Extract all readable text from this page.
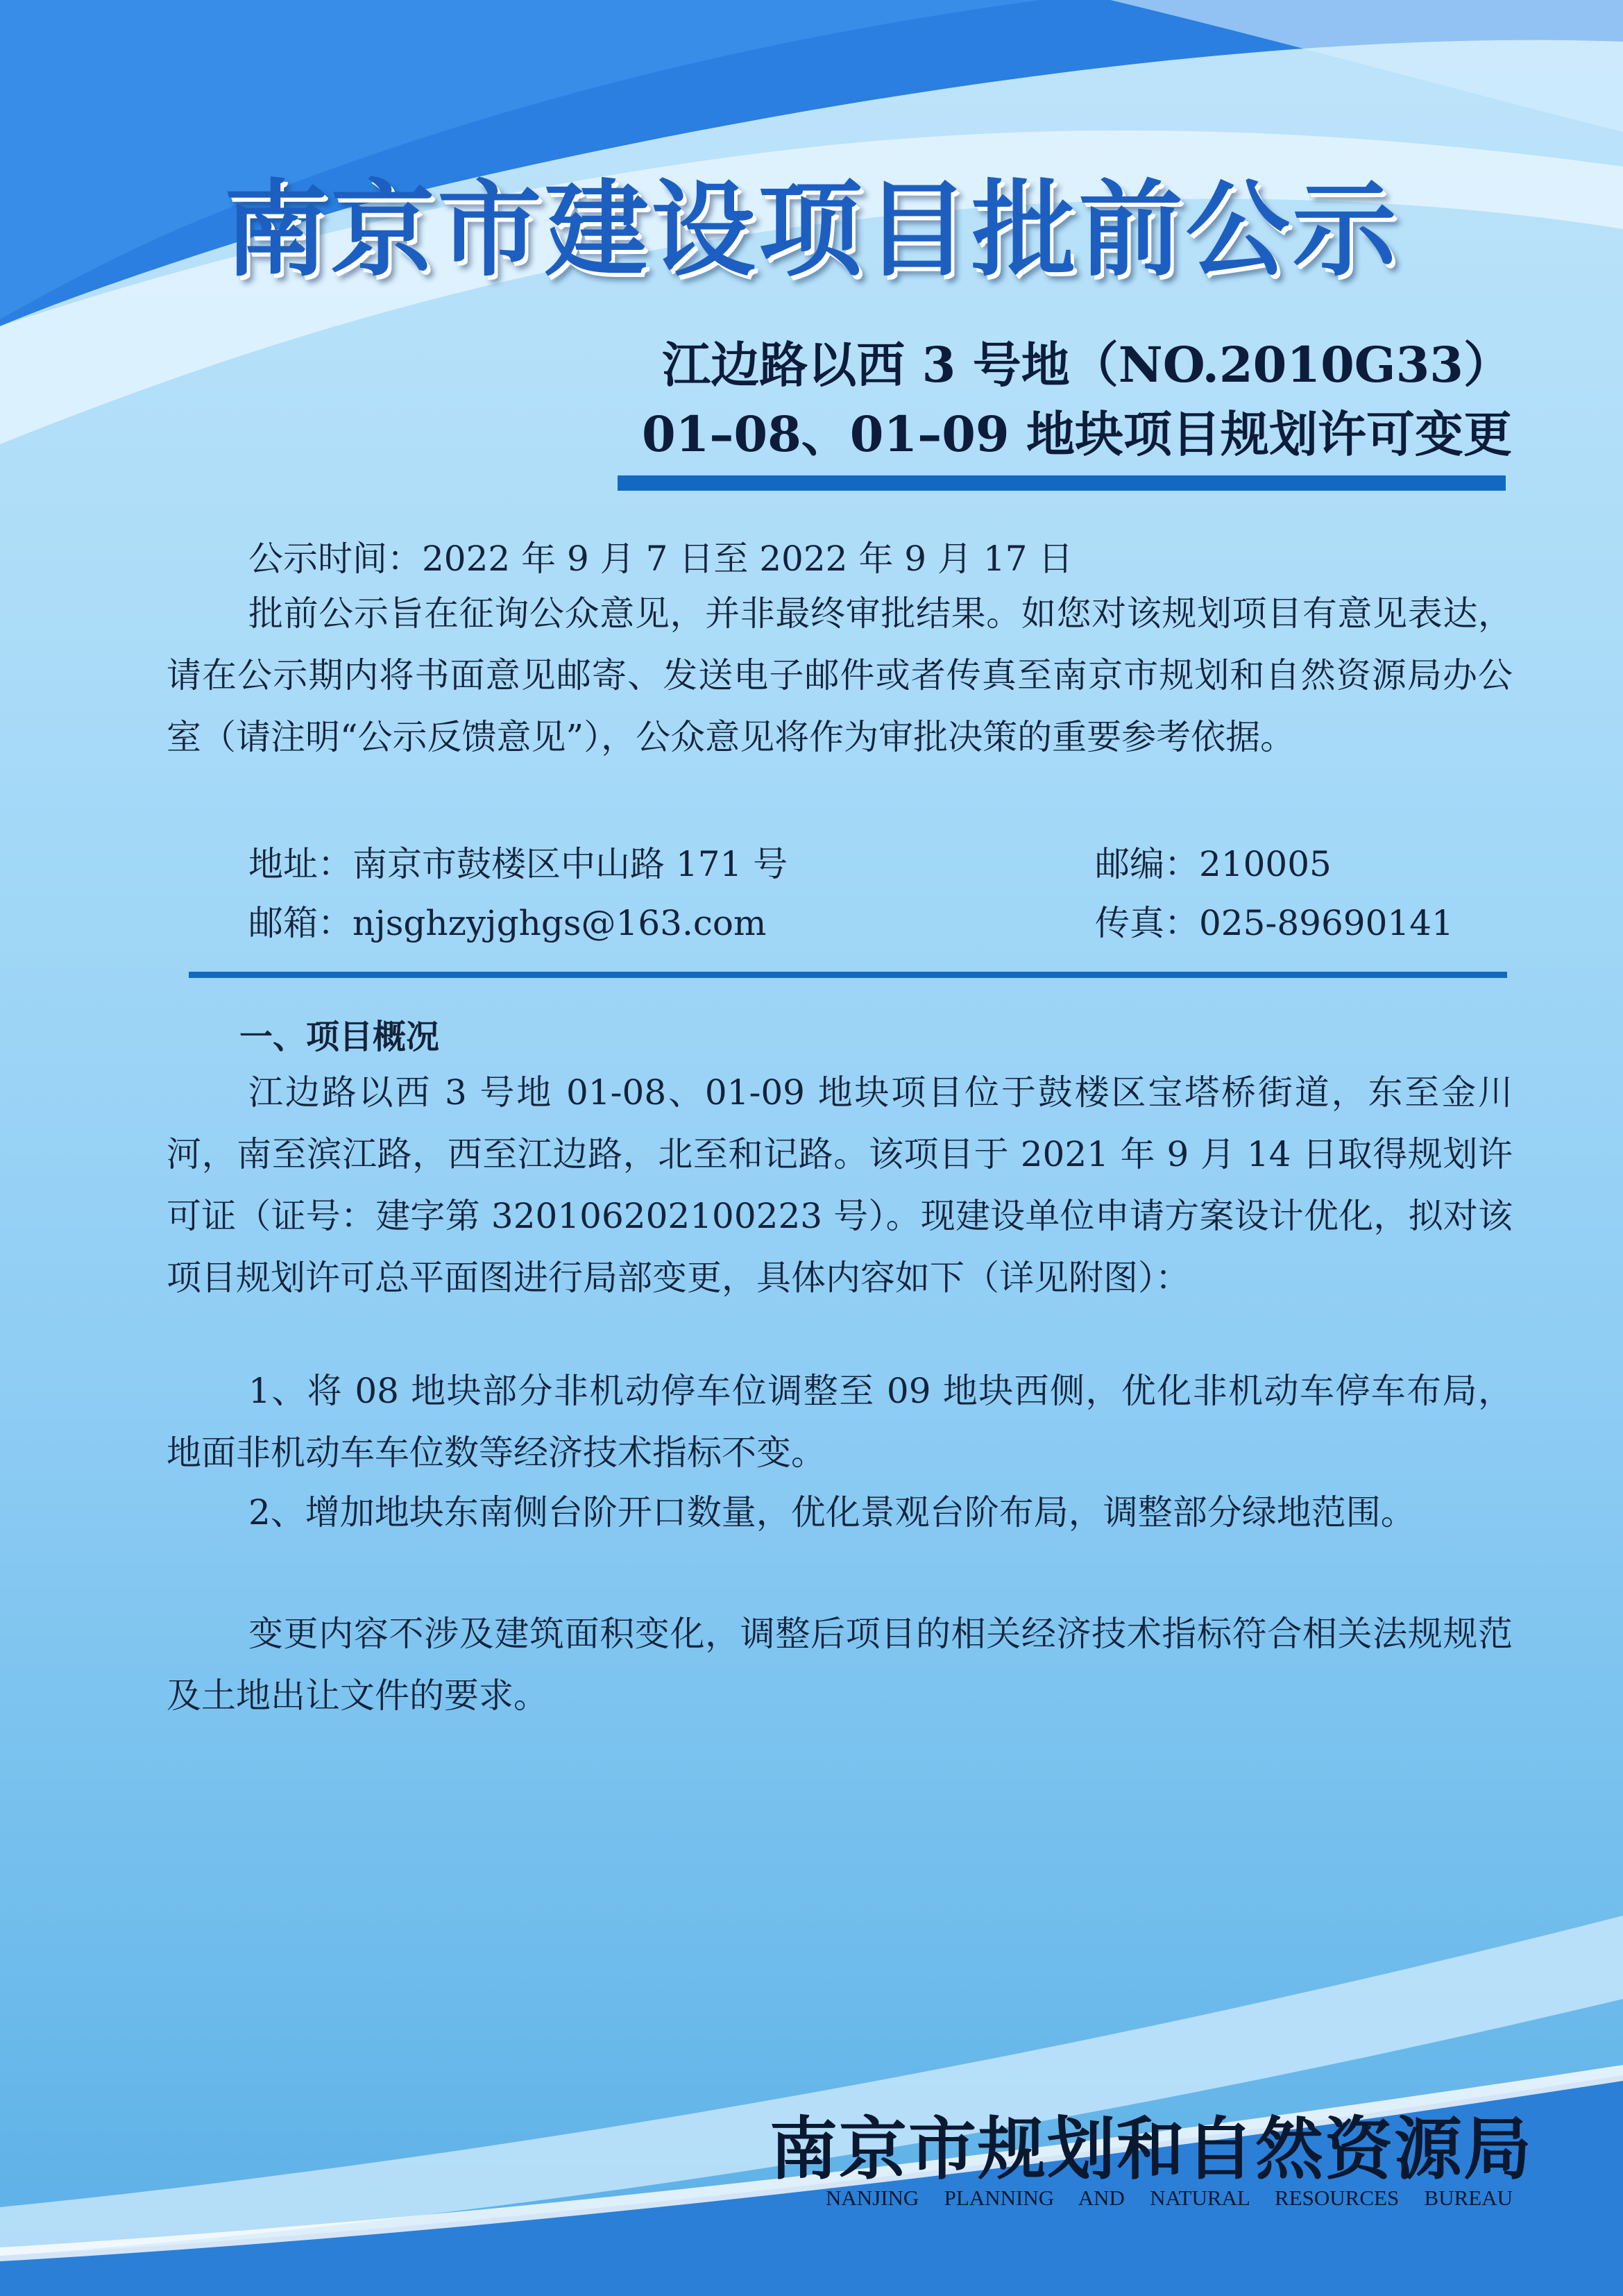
南京市建设项目批前公示
江边路以西 3 号地（NO.2010G33）
01–08、01–09 地块项目规划许可变更
公示时间：2022 年 9 月 7 日至 2022 年 9 月 17 日

批前公示旨在征询公众意见，并非最终审批结果。如您对该规划项目有意见表达，请在公示期内将书面意见邮寄、发送电子邮件或者传真至南京市规划和自然资源局办公室（请注明“公示反馈意见”），公众意见将作为审批决策的重要参考依据。

地址：南京市鼓楼区中山路 171 号	邮编：210005
邮箱：njsghzyjghgs@163.com	传真：025-89690141
一、项目概况

江边路以西 3 号地 01-08、01-09 地块项目位于鼓楼区宝塔桥街道，东至金川河，南至滨江路，西至江边路，北至和记路。该项目于 2021 年 9 月 14 日取得规划许可证（证号：建字第 320106202100223 号）。现建设单位申请方案设计优化，拟对该项目规划许可总平面图进行局部变更，具体内容如下（详见附图）：

1、将 08 地块部分非机动停车位调整至 09 地块西侧，优化非机动车停车布局，地面非机动车车位数等经济技术指标不变。

2、增加地块东南侧台阶开口数量，优化景观台阶布局，调整部分绿地范围。

变更内容不涉及建筑面积变化，调整后项目的相关经济技术指标符合相关法规规范及土地出让文件的要求。

南京市规划和自然资源局
NANJING PLANNING AND NATURAL RESOURCES BUREAU
